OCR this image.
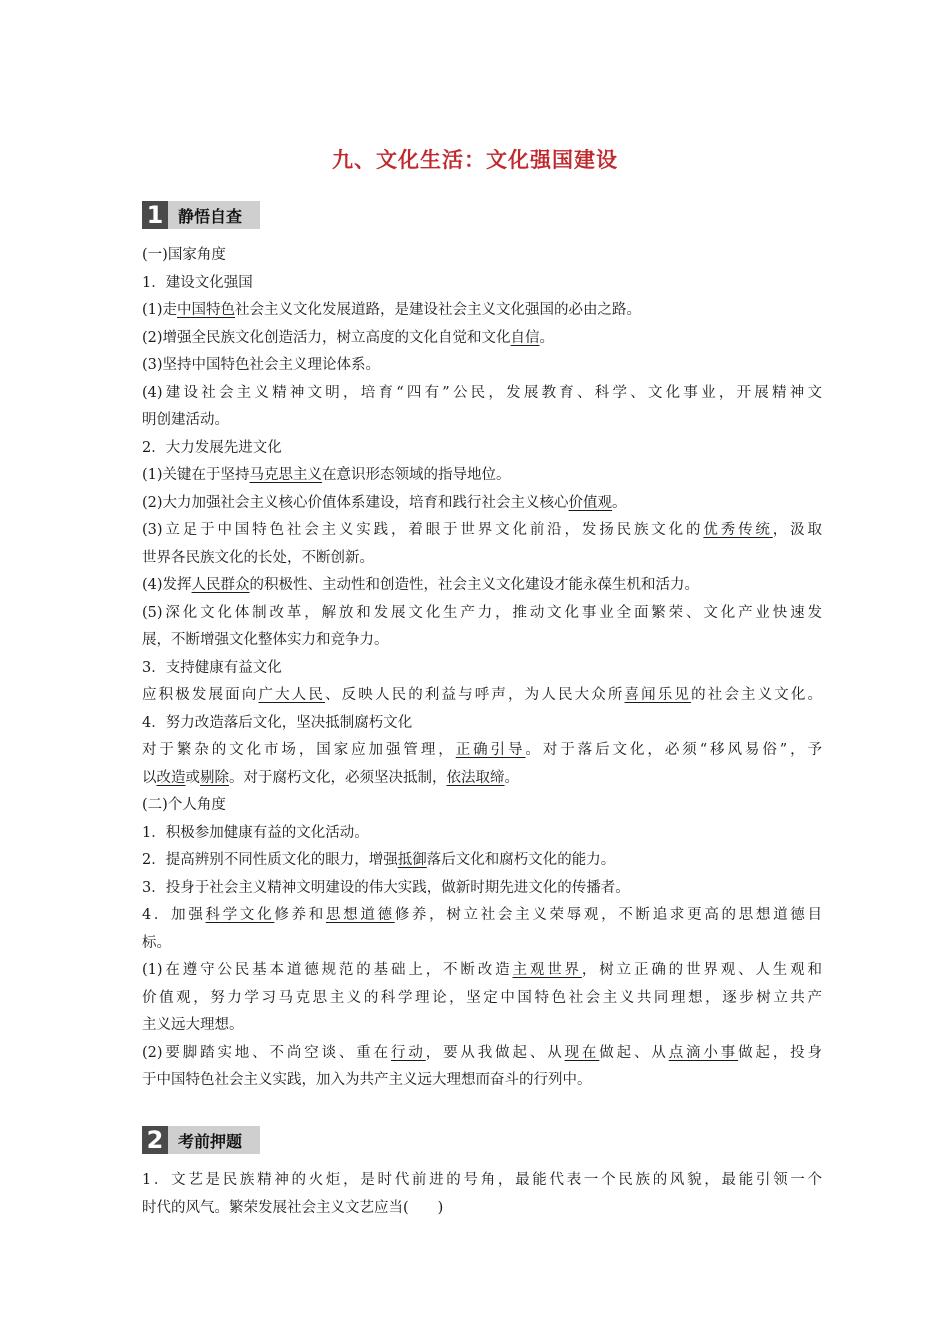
九、文化生活：文化强国建设
1 静悟自查
(一)国家角度
1．建设文化强国
(1)走中国特色社会主义文化发展道路，是建设社会主义文化强国的必由之路。
(2)增强全民族文化创造活力，树立高度的文化自觉和文化自信。
(3)坚持中国特色社会主义理论体系。
(4)建设社会主义精神文明，培育“四有”公民，发展教育、科学、文化事业，开展精神文
明创建活动。
2．大力发展先进文化
(1)关键在于坚持马克思主义在意识形态领域的指导地位。
(2)大力加强社会主义核心价值体系建设，培育和践行社会主义核心价值观。
(3)立足于中国特色社会主义实践，着眼于世界文化前沿，发扬民族文化的优秀传统，汲取
世界各民族文化的长处，不断创新。
(4)发挥人民群众的积极性、主动性和创造性，社会主义文化建设才能永葆生机和活力。
(5)深化文化体制改革，解放和发展文化生产力，推动文化事业全面繁荣、文化产业快速发
展，不断增强文化整体实力和竞争力。
3．支持健康有益文化
应积极发展面向广大人民、反映人民的利益与呼声，为人民大众所喜闻乐见的社会主义文化。
4．努力改造落后文化，坚决抵制腐朽文化
对于繁杂的文化市场，国家应加强管理，正确引导。对于落后文化，必须“移风易俗”，予
以改造或剔除。对于腐朽文化，必须坚决抵制，依法取缔。
(二)个人角度
1．积极参加健康有益的文化活动。
2．提高辨别不同性质文化的眼力，增强抵御落后文化和腐朽文化的能力。
3．投身于社会主义精神文明建设的伟大实践，做新时期先进文化的传播者。
4．加强科学文化修养和思想道德修养，树立社会主义荣辱观，不断追求更高的思想道德目
标。
(1)在遵守公民基本道德规范的基础上，不断改造主观世界，树立正确的世界观、人生观和
价值观，努力学习马克思主义的科学理论，坚定中国特色社会主义共同理想，逐步树立共产
主义远大理想。
(2)要脚踏实地、不尚空谈、重在行动，要从我做起、从现在做起、从点滴小事做起，投身
于中国特色社会主义实践，加入为共产主义远大理想而奋斗的行列中。
2 考前押题
1．文艺是民族精神的火炬，是时代前进的号角，最能代表一个民族的风貌，最能引领一个
时代的风气。繁荣发展社会主义文艺应当(　　)
